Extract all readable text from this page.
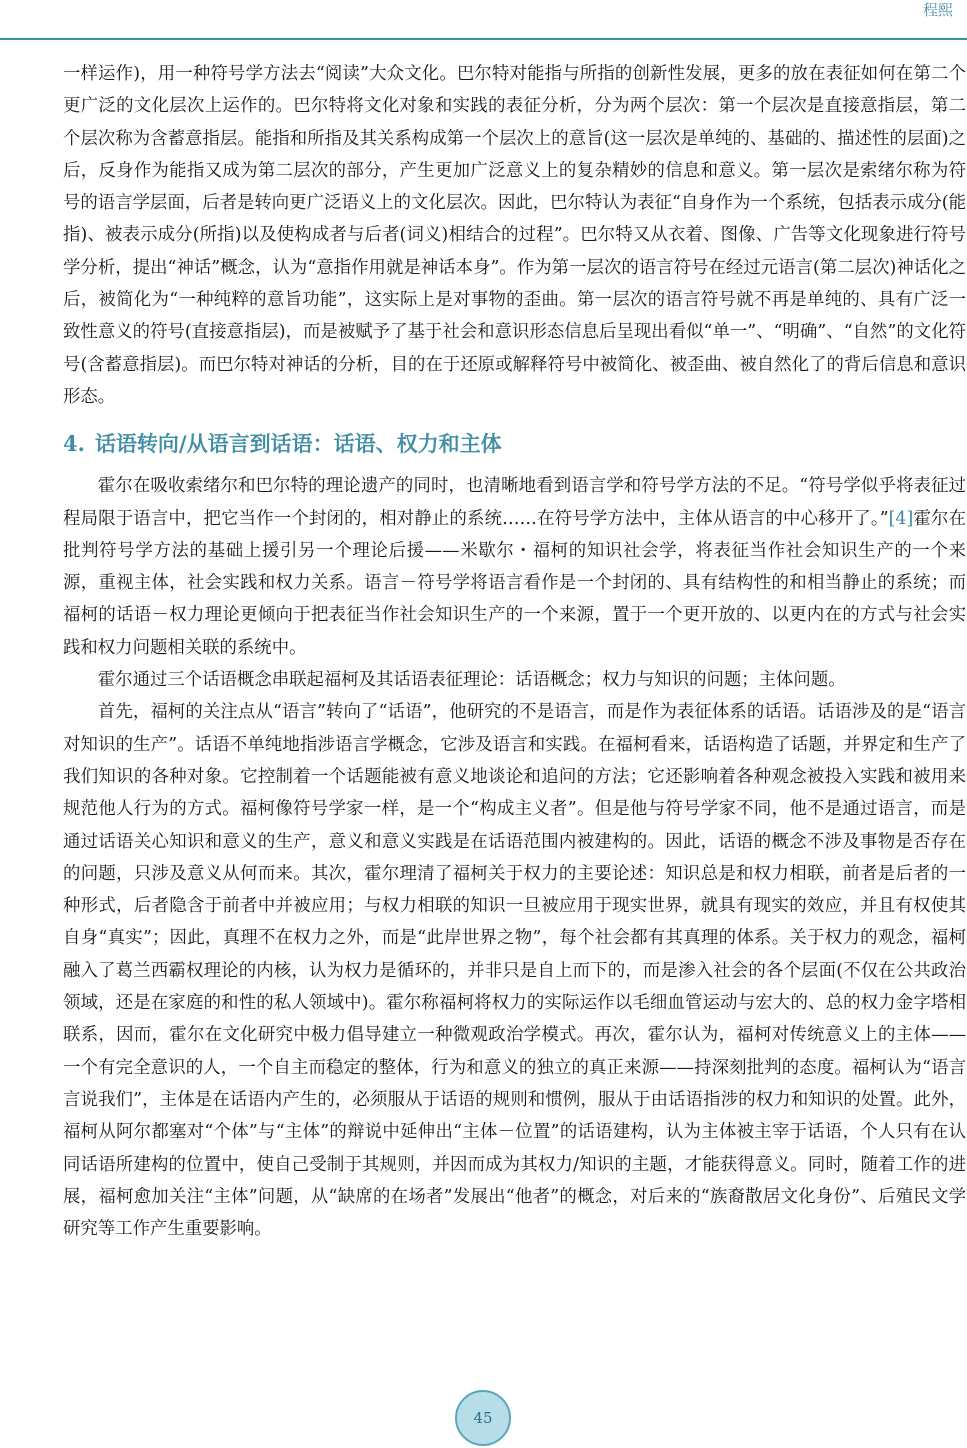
程熙

一样运作)，用一种符号学方法去“阅读”大众文化。巴尔特对能指与所指的创新性发展，更多的放在表征如何在第二个更广泛的文化层次上运作的。巴尔特将文化对象和实践的表征分析，分为两个层次：第一个层次是直接意指层，第二个层次称为含蓄意指层。能指和所指及其关系构成第一个层次上的意旨(这一层次是单纯的、基础的、描述性的层面)之后，反身作为能指又成为第二层次的部分，产生更加广泛意义上的复杂精妙的信息和意义。第一层次是索绪尔称为符号的语言学层面，后者是转向更广泛语义上的文化层次。因此，巴尔特认为表征“自身作为一个系统，包括表示成分(能指)、被表示成分(所指)以及使构成者与后者(词义)相结合的过程”。巴尔特又从衣着、图像、广告等文化现象进行符号学分析，提出“神话”概念，认为“意指作用就是神话本身”。作为第一层次的语言符号在经过元语言(第二层次)神话化之后，被简化为“一种纯粹的意旨功能”，这实际上是对事物的歪曲。第一层次的语言符号就不再是单纯的、具有广泛一致性意义的符号(直接意指层)，而是被赋予了基于社会和意识形态信息后呈现出看似“单一”、“明确”、“自然”的文化符号(含蓄意指层)。而巴尔特对神话的分析，目的在于还原或解释符号中被简化、被歪曲、被自然化了的背后信息和意识形态。

4. 话语转向/从语言到话语：话语、权力和主体

霍尔在吸收索绪尔和巴尔特的理论遗产的同时，也清晰地看到语言学和符号学方法的不足。“符号学似乎将表征过程局限于语言中，把它当作一个封闭的，相对静止的系统……在符号学方法中，主体从语言的中心移开了。”[4]霍尔在批判符号学方法的基础上援引另一个理论后援——米歇尔・福柯的知识社会学，将表征当作社会知识生产的一个来源，重视主体，社会实践和权力关系。语言－符号学将语言看作是一个封闭的、具有结构性的和相当静止的系统；而福柯的话语－权力理论更倾向于把表征当作社会知识生产的一个来源，置于一个更开放的、以更内在的方式与社会实践和权力问题相关联的系统中。

霍尔通过三个话语概念串联起福柯及其话语表征理论：话语概念；权力与知识的问题；主体问题。

首先，福柯的关注点从“语言”转向了“话语”，他研究的不是语言，而是作为表征体系的话语。话语涉及的是“语言对知识的生产”。话语不单纯地指涉语言学概念，它涉及语言和实践。在福柯看来，话语构造了话题，并界定和生产了我们知识的各种对象。它控制着一个话题能被有意义地谈论和追问的方法；它还影响着各种观念被投入实践和被用来规范他人行为的方式。福柯像符号学家一样，是一个“构成主义者”。但是他与符号学家不同，他不是通过语言，而是通过话语关心知识和意义的生产，意义和意义实践是在话语范围内被建构的。因此，话语的概念不涉及事物是否存在的问题，只涉及意义从何而来。其次，霍尔理清了福柯关于权力的主要论述：知识总是和权力相联，前者是后者的一种形式，后者隐含于前者中并被应用；与权力相联的知识一旦被应用于现实世界，就具有现实的效应，并且有权使其自身“真实”；因此，真理不在权力之外，而是“此岸世界之物”，每个社会都有其真理的体系。关于权力的观念，福柯融入了葛兰西霸权理论的内核，认为权力是循环的，并非只是自上而下的，而是渗入社会的各个层面(不仅在公共政治领域，还是在家庭的和性的私人领域中)。霍尔称福柯将权力的实际运作以毛细血管运动与宏大的、总的权力金字塔相联系，因而，霍尔在文化研究中极力倡导建立一种微观政治学模式。再次，霍尔认为，福柯对传统意义上的主体——一个有完全意识的人，一个自主而稳定的整体，行为和意义的独立的真正来源——持深刻批判的态度。福柯认为“语言言说我们”，主体是在话语内产生的，必须服从于话语的规则和惯例，服从于由话语指涉的权力和知识的处置。此外，福柯从阿尔都塞对“个体”与“主体”的辩说中延伸出“主体－位置”的话语建构，认为主体被主宰于话语，个人只有在认同话语所建构的位置中，使自己受制于其规则，并因而成为其权力/知识的主题，才能获得意义。同时，随着工作的进展，福柯愈加关注“主体”问题，从“缺席的在场者”发展出“他者”的概念，对后来的“族裔散居文化身份”、后殖民文学研究等工作产生重要影响。

45
